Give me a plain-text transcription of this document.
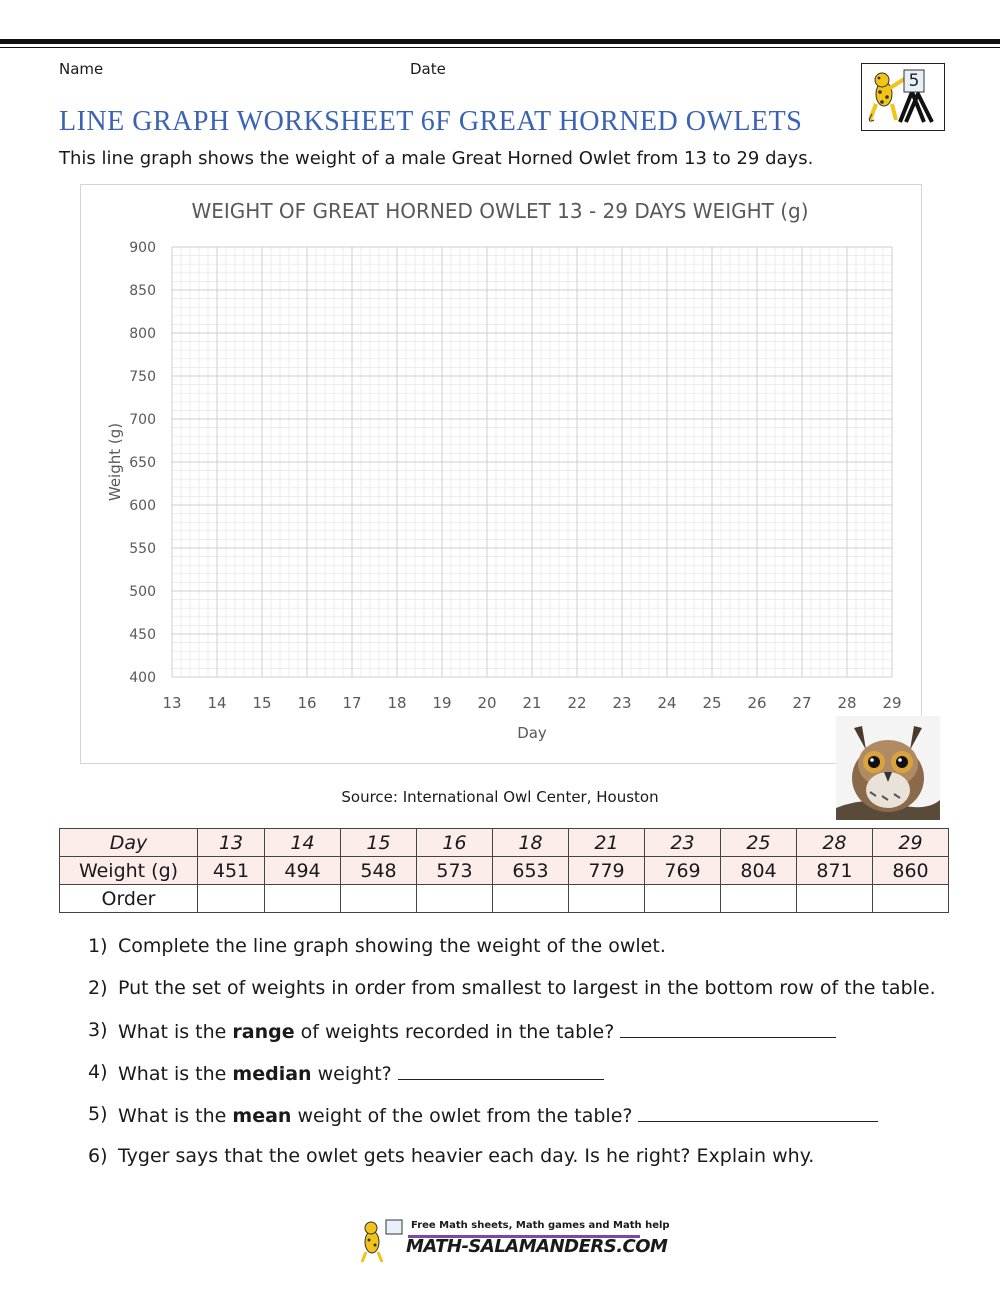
Name	Date
5
LINE GRAPH WORKSHEET 6F GREAT HORNED OWLETS
This line graph shows the weight of a male Great Horned Owlet from 13 to 29 days.
400
450
500
550
600
650
700
750
800
850
900
13 14 15 16 17 18 19 20 21 22 23 24 25 26 27 28 29
WEIGHT OF GREAT HORNED OWLET 13 - 29 DAYS WEIGHT (g)
Day
Weight (g)
Source: International Owl Center, Houston
Day	13	14	15	16	18	21	23	25	28	29
Weight (g)	451	494	548	573	653	779	769	804	871	860
Order										
1) Complete the line graph showing the weight of the owlet.
2) Put the set of weights in order from smallest to largest in the bottom row of the table.
3) What is the range of weights recorded in the table?
4) What is the median weight?
5) What is the mean weight of the owlet from the table?
6) Tyger says that the owlet gets heavier each day. Is he right? Explain why.
Free Math sheets, Math games and Math help
MATH-SALAMANDERS.COM
